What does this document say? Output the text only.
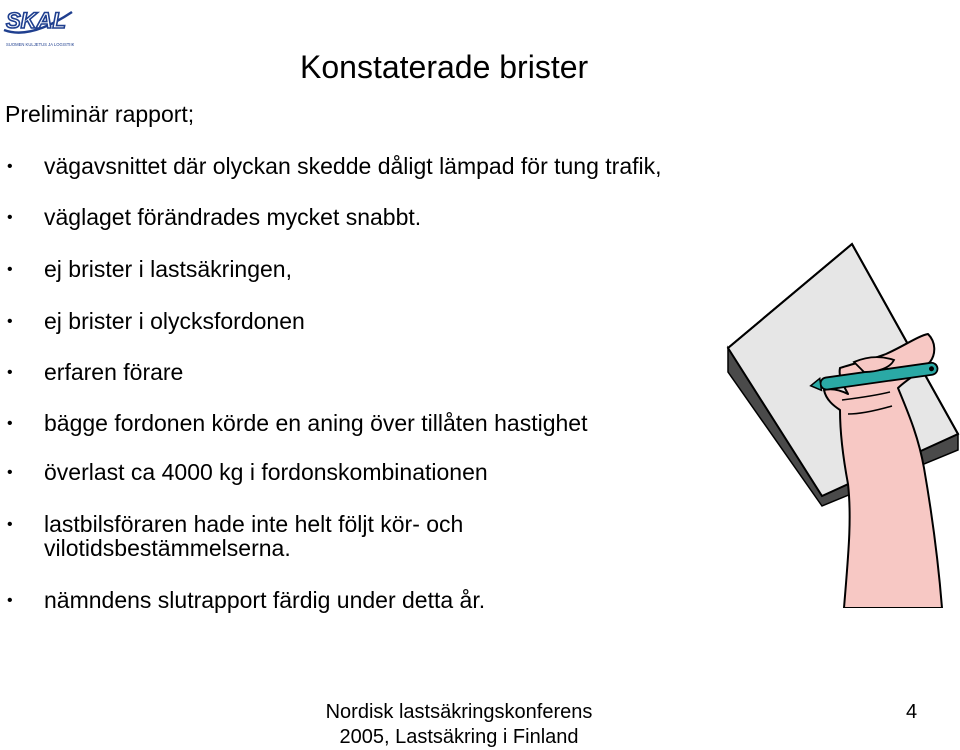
SKAL
SUOMEN KULJETUS JA LOGISTIIKKA
Konstaterade brister
Preliminär rapport;
• vägavsnittet där olyckan skedde dåligt lämpad för tung trafik,
• väglaget förändrades mycket snabbt.
• ej brister i lastsäkringen,
• ej brister i olycksfordonen
• erfaren förare
• bägge fordonen körde en aning över tillåten hastighet
• överlast ca 4000 kg i fordonskombinationen
• lastbilsföraren hade inte helt följt kör- och
vilotidsbestämmelserna.
• nämndens slutrapport färdig under detta år.
Nordisk lastsäkringskonferens
2005, Lastsäkring i Finland
4
